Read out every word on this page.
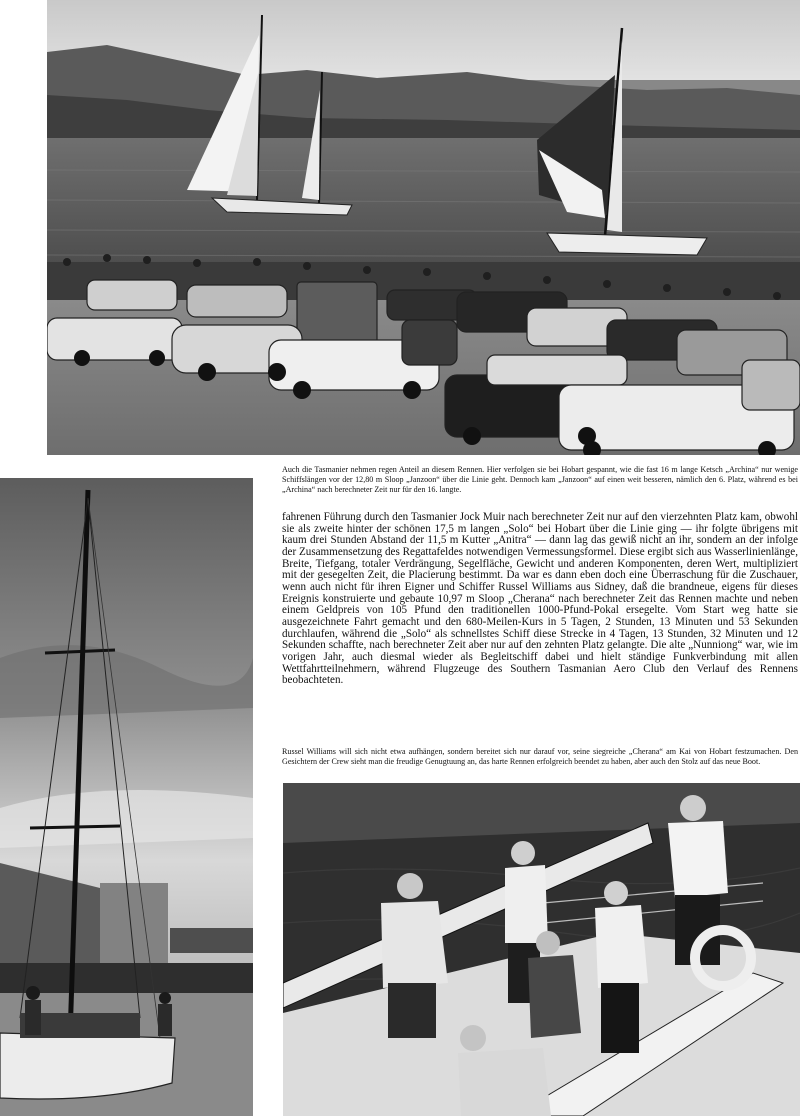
Auch die Tasmanier nehmen regen Anteil an diesem Rennen. Hier verfolgen sie bei Hobart gespannt, wie die fast 16 m lange Ketsch „Archina“ nur wenige Schiffslängen vor der 12,80 m Sloop „Janzoon“ über die Linie geht. Dennoch kam „Janzoon“ auf einen weit besseren, nämlich den 6. Platz, während es bei „Archina“ nach berechneter Zeit nur für den 16. langte.

fahrenen Führung durch den Tasmanier Jock Muir nach berechneter Zeit nur auf den vierzehnten Platz kam, obwohl sie als zweite hinter der schönen 17,5 m langen „Solo“ bei Hobart über die Linie ging — ihr folgte übrigens mit kaum drei Stunden Abstand der 11,5 m Kutter „Anitra“ — dann lag das gewiß nicht an ihr, sondern an der infolge der Zusammensetzung des Regattafeldes notwendigen Vermessungsformel. Diese ergibt sich aus Wasserlinienlänge, Breite, Tiefgang, totaler Verdrängung, Segelfläche, Gewicht und anderen Komponenten, deren Wert, multipliziert mit der gesegelten Zeit, die Placierung bestimmt. Da war es dann eben doch eine Überraschung für die Zuschauer, wenn auch nicht für ihren Eigner und Schiffer Russel Williams aus Sidney, daß die brandneue, eigens für dieses Ereignis konstruierte und gebaute 10,97 m Sloop „Cherana“ nach berechneter Zeit das Rennen machte und neben einem Geldpreis von 105 Pfund den traditionellen 1000-Pfund-Pokal ersegelte. Vom Start weg hatte sie ausgezeichnete Fahrt gemacht und den 680-Meilen-Kurs in 5 Tagen, 2 Stunden, 13 Minuten und 53 Sekunden durchlaufen, während die „Solo“ als schnellstes Schiff diese Strecke in 4 Tagen, 13 Stunden, 32 Minuten und 12 Sekunden schaffte, nach berechneter Zeit aber nur auf den zehnten Platz gelangte. Die alte „Nunniong“ war, wie im vorigen Jahr, auch diesmal wieder als Begleitschiff dabei und hielt ständige Funkverbindung mit allen Wettfahrtteilnehmern, während Flugzeuge des Southern Tasmanian Aero Club den Verlauf des Rennens beobachteten.

Russel Williams will sich nicht etwa aufhängen, sondern bereitet sich nur darauf vor, seine siegreiche „Cherana“ am Kai von Hobart festzumachen. Den Gesichtern der Crew sieht man die freudige Genugtuung an, das harte Rennen erfolgreich beendet zu haben, aber auch den Stolz auf das neue Boot.
